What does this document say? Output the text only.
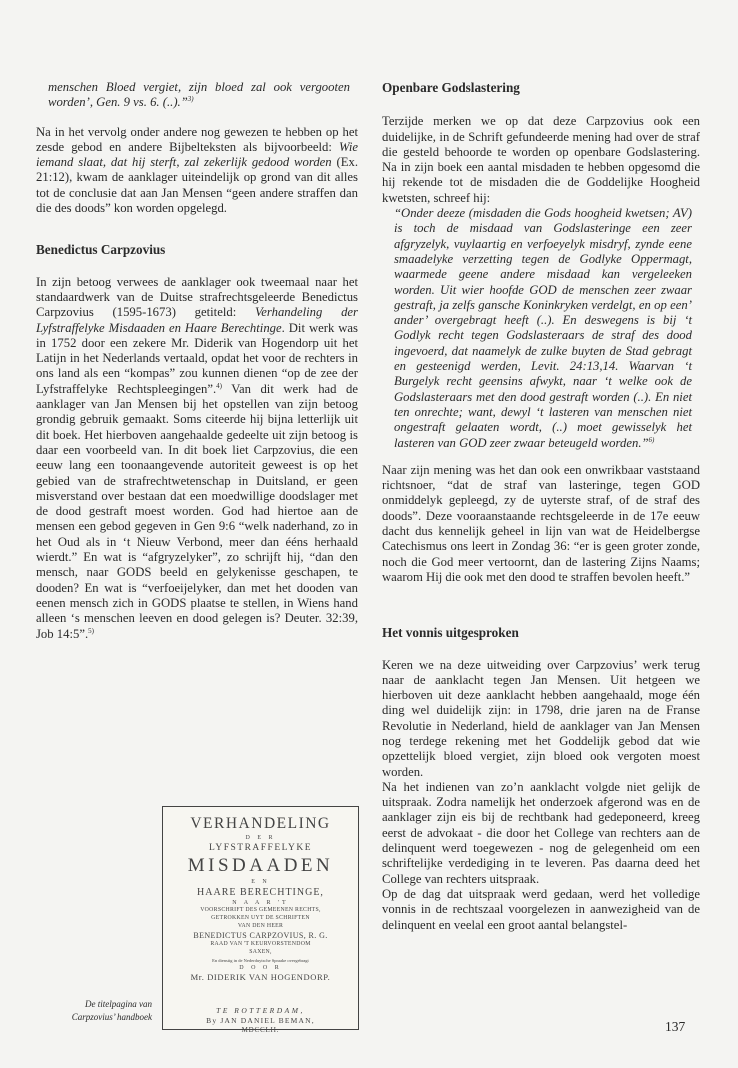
menschen Bloed vergiet, zijn bloed zal ook vergooten worden’, Gen. 9 vs. 6. (..).”$^{3)}$

Na in het vervolg onder andere nog gewezen te hebben op het zesde gebod en andere Bijbelteksten als bijvoorbeeld: Wie iemand slaat, dat hij sterft, zal zekerlijk gedood worden (Ex. 21:12), kwam de aanklager uiteindelijk op grond van dit alles tot de conclusie dat aan Jan Mensen “geen andere straffen dan die des doods” kon worden opgelegd.

Benedictus Carpzovius

In zijn betoog verwees de aanklager ook tweemaal naar het standaardwerk van de Duitse strafrechtsgeleerde Benedictus Carpzovius (1595-1673) getiteld: Verhandeling der Lyfstraffelyke Misdaaden en Haare Berechtinge. Dit werk was in 1752 door een zekere Mr. Diderik van Hogendorp uit het Latijn in het Nederlands vertaald, opdat het voor de rechters in ons land als een “kompas” zou kunnen dienen “op de zee der Lyfstraffelyke Rechtspleegingen”.$^{4)}$ Van dit werk had de aanklager van Jan Mensen bij het opstellen van zijn betoog grondig gebruik gemaakt. Soms citeerde hij bijna letterlijk uit dit boek. Het hierboven aangehaalde gedeelte uit zijn betoog is daar een voorbeeld van. In dit boek liet Carpzovius, die een eeuw lang een toonaangevende autoriteit geweest is op het gebied van de strafrechtwetenschap in Duitsland, er geen misverstand over bestaan dat een moedwillige doodslager met de dood gestraft moest worden. God had hiertoe aan de mensen een gebod gegeven in Gen 9:6 “welk naderhand, zo in het Oud als in ‘t Nieuw Verbond, meer dan ééns herhaald wierdt.” En wat is “afgryzelyker”, zo schrijft hij, “dan den mensch, naar GODS beeld en gelykenisse geschapen, te dooden? En wat is “verfoeijelyker, dan met het dooden van eenen mensch zich in GODS plaatse te stellen, in Wiens hand alleen ‘s menschen leeven en dood gelegen is? Deuter. 32:39, Job 14:5”.$^{5)}$

VERHANDELING
D E R
LYFSTRAFFELYKE
MISDAADEN
E N
HAARE BERECHTINGE,
N A A R 'T
VOORSCHRIFT DES GEMEENEN RECHTS,
GETROKKEN UYT DE SCHRIFTEN
VAN DEN HEER
BENEDICTUS CARPZOVIUS, R. G.
RAAD VAN 'T KEURVORSTENDOM
SAXEN,
En dienstig in de Nederduytsche Spraake overgebragt
D O O R
Mr. DIDERIK VAN HOGENDORP.
TE ROTTERDAM,
By JAN DANIEL BEMAN,
MDCCLII.
De titelpagina van
Carpzovius’ handboek

Openbare Godslastering

Terzijde merken we op dat deze Carpzovius ook een duidelijke, in de Schrift gefundeerde mening had over de straf die gesteld behoorde te worden op openbare Godslastering. Na in zijn boek een aantal misdaden te hebben opgesomd die hij rekende tot de misdaden die de Goddelijke Hoogheid kwetsten, schreef hij:

“Onder deeze (misdaden die Gods hoogheid kwetsen; AV) is toch de misdaad van Godslasteringe een zeer afgryzelyk, vuylaartig en verfoeyelyk misdryf, zynde eene smaadelyke verzetting tegen de Godlyke Oppermagt, waarmede geene andere misdaad kan vergeleeken worden. Uit wier hoofde GOD de menschen zeer zwaar gestraft, ja zelfs gansche Koninkryken verdelgt, en op een’ ander’ overgebragt heeft (..). En deswegens is bij ‘t Godlyk recht tegen Godslasteraars de straf des dood ingevoerd, dat naamelyk de zulke buyten de Stad gebragt en gesteenigd werden, Levit. 24:13,14. Waarvan ‘t Burgelyk recht geensins afwykt, naar ‘t welke ook de Godslasteraars met den dood gestraft worden (..). En niet ten onrechte; want, dewyl ‘t lasteren van menschen niet ongestraft gelaaten wordt, (..) moet gewisselyk het lasteren van GOD zeer zwaar beteugeld worden.”$^{6)}$

Naar zijn mening was het dan ook een onwrikbaar vaststaand richtsnoer, “dat de straf van lasteringe, tegen GOD onmiddelyk gepleegd, zy de uyterste straf, of de straf des doods”. Deze vooraanstaande rechtsgeleerde in de 17e eeuw dacht dus kennelijk geheel in lijn van wat de Heidelbergse Catechismus ons leert in Zondag 36: “er is geen groter zonde, noch die God meer vertoornt, dan de lastering Zijns Naams; waarom Hij die ook met den dood te straffen bevolen heeft.”

Het vonnis uitgesproken

Keren we na deze uitweiding over Carpzovius’ werk terug naar de aanklacht tegen Jan Mensen. Uit hetgeen we hierboven uit deze aanklacht hebben aangehaald, moge één ding wel duidelijk zijn: in 1798, drie jaren na de Franse Revolutie in Nederland, hield de aanklager van Jan Mensen nog terdege rekening met het Goddelijk gebod dat wie opzettelijk bloed vergiet, zijn bloed ook vergoten moest worden.

Na het indienen van zo’n aanklacht volgde niet gelijk de uitspraak. Zodra namelijk het onderzoek afgerond was en de aanklager zijn eis bij de rechtbank had gedeponeerd, kreeg eerst de advokaat - die door het College van rechters aan de delinquent werd toegewezen - nog de gelegenheid om een schriftelijke verdediging in te leveren. Pas daarna deed het College van rechters uitspraak.

Op de dag dat uitspraak werd gedaan, werd het volledige vonnis in de rechtszaal voorgelezen in aanwezigheid van de delinquent en veelal een groot aantal belangstel-

137
